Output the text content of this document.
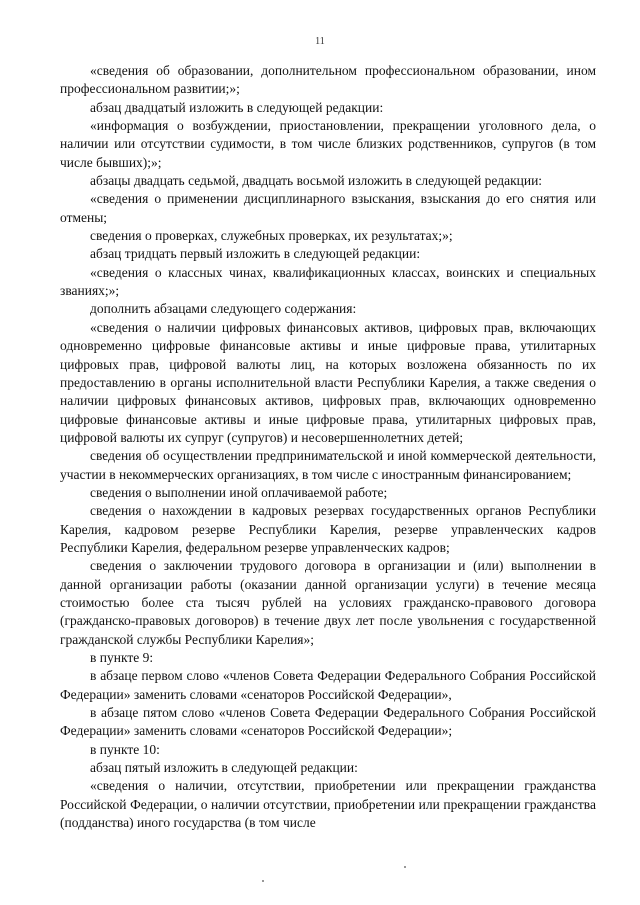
11

«сведения об образовании, дополнительном профессиональном образовании, ином профессиональном развитии;»;

абзац двадцатый изложить в следующей редакции:

«информация о возбуждении, приостановлении, прекращении уголовного дела, о наличии или отсутствии судимости, в том числе близких родственников, супругов (в том числе бывших);»;

абзацы двадцать седьмой, двадцать восьмой изложить в следующей редакции:

«сведения о применении дисциплинарного взыскания, взыскания до его снятия или отмены;

сведения о проверках, служебных проверках, их результатах;»;

абзац тридцать первый изложить в следующей редакции:

«сведения о классных чинах, квалификационных классах, воинских и специальных званиях;»;

дополнить абзацами следующего содержания:

«сведения о наличии цифровых финансовых активов, цифровых прав, включающих одновременно цифровые финансовые активы и иные цифровые права, утилитарных цифровых прав, цифровой валюты лиц, на которых возложена обязанность по их предоставлению в органы исполнительной власти Республики Карелия, а также сведения о наличии цифровых финансовых активов, цифровых прав, включающих одновременно цифровые финансовые активы и иные цифровые права, утилитарных цифровых прав, цифровой валюты их супруг (супругов) и несовершеннолетних детей;

сведения об осуществлении предпринимательской и иной коммерческой деятельности, участии в некоммерческих организациях, в том числе с иностранным финансированием;

сведения о выполнении иной оплачиваемой работе;

сведения о нахождении в кадровых резервах государственных органов Республики Карелия, кадровом резерве Республики Карелия, резерве управленческих кадров Республики Карелия, федеральном резерве управленческих кадров;

сведения о заключении трудового договора в организации и (или) выполнении в данной организации работы (оказании данной организации услуги) в течение месяца стоимостью более ста тысяч рублей на условиях гражданско-правового договора (гражданско-правовых договоров) в течение двух лет после увольнения с государственной гражданской службы Республики Карелия»;

в пункте 9:

в абзаце первом слово «членов Совета Федерации Федерального Собрания Российской Федерации» заменить словами «сенаторов Российской Федерации»,

в абзаце пятом слово «членов Совета Федерации Федерального Собрания Российской Федерации» заменить словами «сенаторов Российской Федерации»;

в пункте 10:

абзац пятый изложить в следующей редакции:

«сведения о наличии, отсутствии, приобретении или прекращении гражданства Российской Федерации, о наличии отсутствии, приобретении или прекращении гражданства (подданства) иного государства (в том числе
